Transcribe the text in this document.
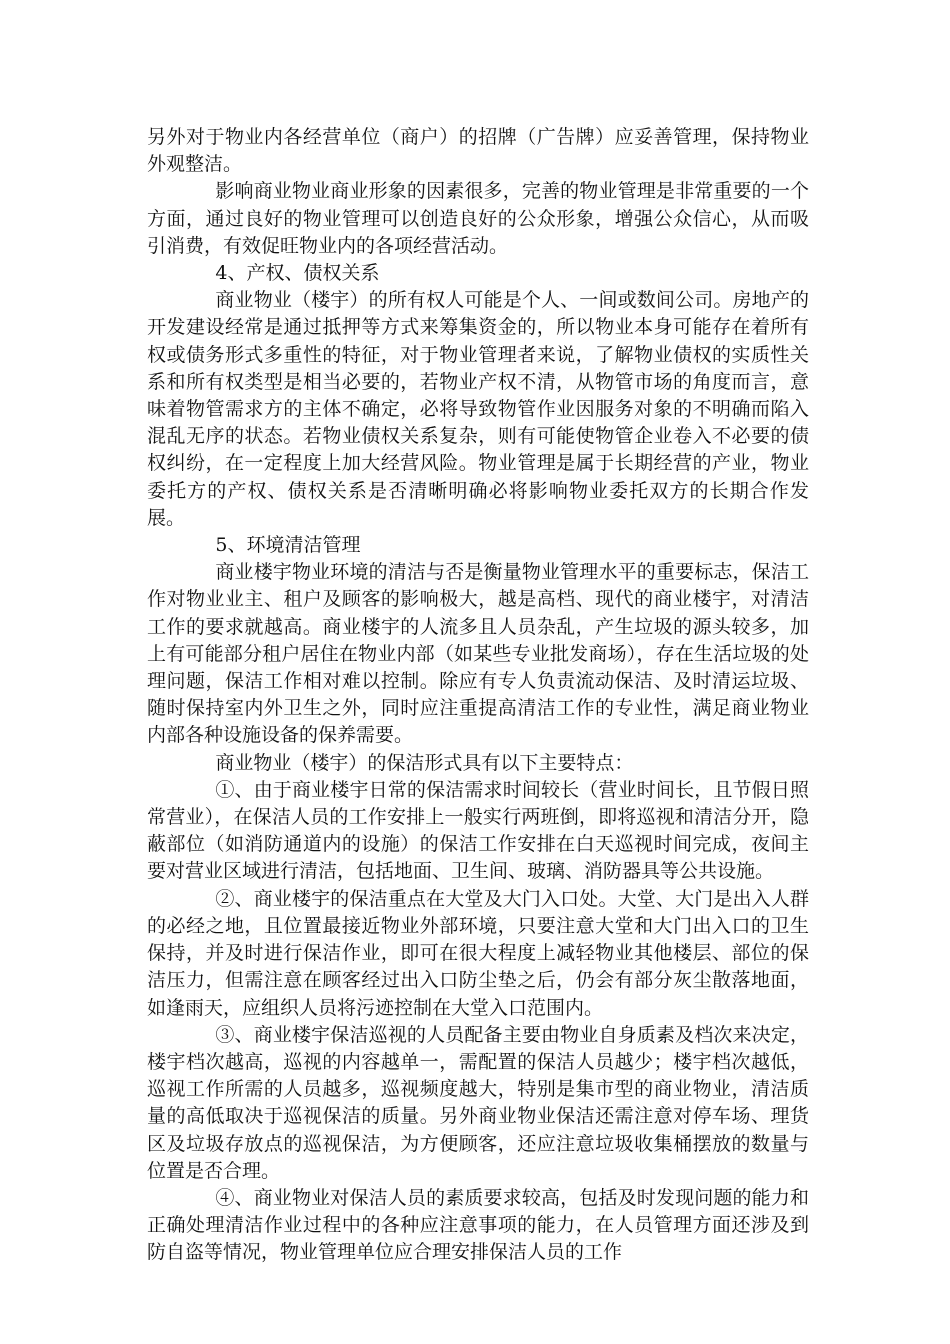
另外对于物业内各经营单位（商户）的招牌（广告牌）应妥善管理，保持物业外观整洁。

影响商业物业商业形象的因素很多，完善的物业管理是非常重要的一个方面，通过良好的物业管理可以创造良好的公众形象，增强公众信心，从而吸引消费，有效促旺物业内的各项经营活动。

4、产权、债权关系

商业物业（楼宇）的所有权人可能是个人、一间或数间公司。房地产的开发建设经常是通过抵押等方式来筹集资金的，所以物业本身可能存在着所有权或债务形式多重性的特征，对于物业管理者来说，了解物业债权的实质性关系和所有权类型是相当必要的，若物业产权不清，从物管市场的角度而言，意味着物管需求方的主体不确定，必将导致物管作业因服务对象的不明确而陷入混乱无序的状态。若物业债权关系复杂，则有可能使物管企业卷入不必要的债权纠纷，在一定程度上加大经营风险。物业管理是属于长期经营的产业，物业委托方的产权、债权关系是否清晰明确必将影响物业委托双方的长期合作发展。

5、环境清洁管理

商业楼宇物业环境的清洁与否是衡量物业管理水平的重要标志，保洁工作对物业业主、租户及顾客的影响极大，越是高档、现代的商业楼宇，对清洁工作的要求就越高。商业楼宇的人流多且人员杂乱，产生垃圾的源头较多，加上有可能部分租户居住在物业内部（如某些专业批发商场），存在生活垃圾的处理问题，保洁工作相对难以控制。除应有专人负责流动保洁、及时清运垃圾、随时保持室内外卫生之外，同时应注重提高清洁工作的专业性，满足商业物业内部各种设施设备的保养需要。

商业物业（楼宇）的保洁形式具有以下主要特点：

①、由于商业楼宇日常的保洁需求时间较长（营业时间长，且节假日照常营业），在保洁人员的工作安排上一般实行两班倒，即将巡视和清洁分开，隐蔽部位（如消防通道内的设施）的保洁工作安排在白天巡视时间完成，夜间主要对营业区域进行清洁，包括地面、卫生间、玻璃、消防器具等公共设施。

②、商业楼宇的保洁重点在大堂及大门入口处。大堂、大门是出入人群的必经之地，且位置最接近物业外部环境，只要注意大堂和大门出入口的卫生保持，并及时进行保洁作业，即可在很大程度上减轻物业其他楼层、部位的保洁压力，但需注意在顾客经过出入口防尘垫之后，仍会有部分灰尘散落地面，如逢雨天，应组织人员将污迹控制在大堂入口范围内。

③、商业楼宇保洁巡视的人员配备主要由物业自身质素及档次来决定，楼宇档次越高，巡视的内容越单一，需配置的保洁人员越少；楼宇档次越低，巡视工作所需的人员越多，巡视频度越大，特别是集市型的商业物业，清洁质量的高低取决于巡视保洁的质量。另外商业物业保洁还需注意对停车场、理货区及垃圾存放点的巡视保洁，为方便顾客，还应注意垃圾收集桶摆放的数量与位置是否合理。

④、商业物业对保洁人员的素质要求较高，包括及时发现问题的能力和正确处理清洁作业过程中的各种应注意事项的能力，在人员管理方面还涉及到防自盗等情况，物业管理单位应合理安排保洁人员的工作
